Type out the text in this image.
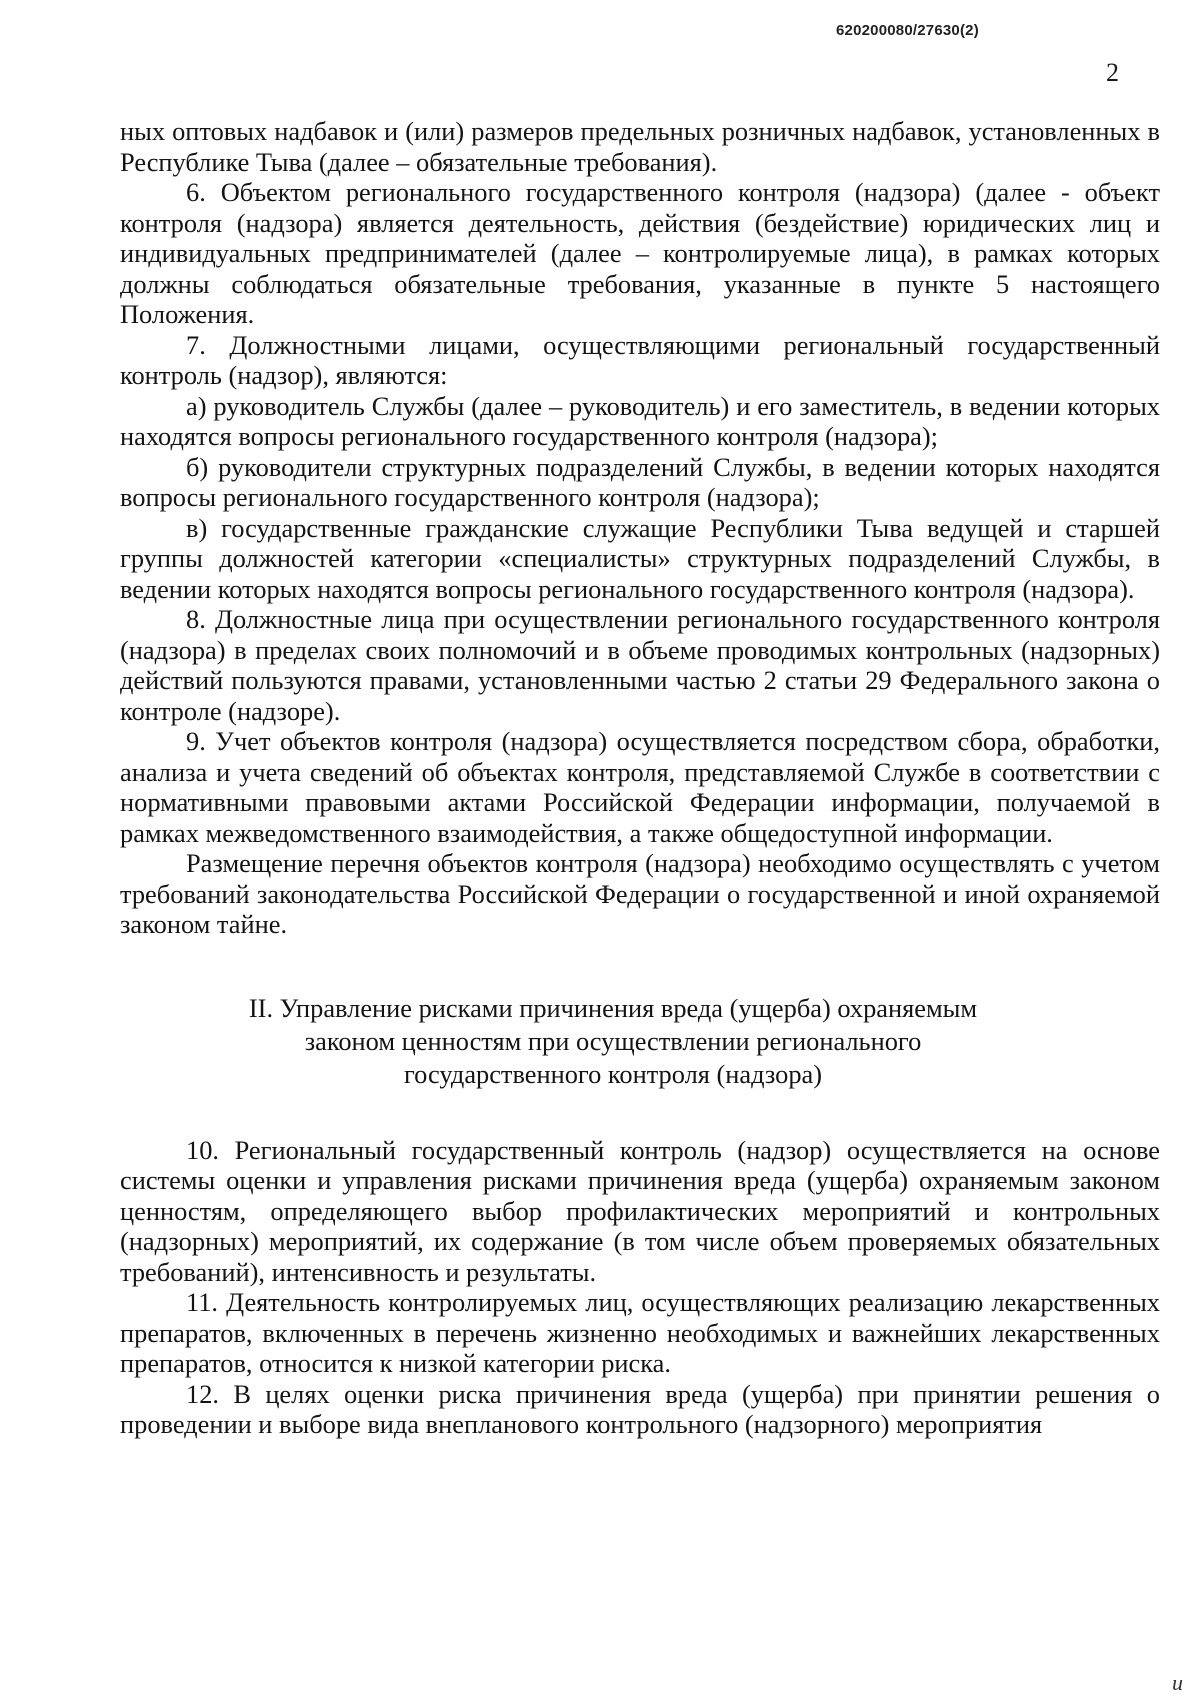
620200080/27630(2)
2

ных оптовых надбавок и (или) размеров предельных розничных надбавок, установленных в Республике Тыва (далее – обязательные требования).

6. Объектом регионального государственного контроля (надзора) (далее - объект контроля (надзора) является деятельность, действия (бездействие) юридических лиц и индивидуальных предпринимателей (далее – контролируемые лица), в рамках которых должны соблюдаться обязательные требования, указанные в пункте 5 настоящего Положения.

7. Должностными лицами, осуществляющими региональный государственный контроль (надзор), являются:

а) руководитель Службы (далее – руководитель) и его заместитель, в ведении которых находятся вопросы регионального государственного контроля (надзора);

б) руководители структурных подразделений Службы, в ведении которых находятся вопросы регионального государственного контроля (надзора);

в) государственные гражданские служащие Республики Тыва ведущей и старшей группы должностей категории «специалисты» структурных подразделений Службы, в ведении которых находятся вопросы регионального государственного контроля (надзора).

8. Должностные лица при осуществлении регионального государственного контроля (надзора) в пределах своих полномочий и в объеме проводимых контрольных (надзорных) действий пользуются правами, установленными частью 2 статьи 29 Федерального закона о контроле (надзоре).

9. Учет объектов контроля (надзора) осуществляется посредством сбора, обработки, анализа и учета сведений об объектах контроля, представляемой Службе в соответствии с нормативными правовыми актами Российской Федерации информации, получаемой в рамках межведомственного взаимодействия, а также общедоступной информации.

Размещение перечня объектов контроля (надзора) необходимо осуществлять с учетом требований законодательства Российской Федерации о государственной и иной охраняемой законом тайне.

II. Управление рисками причинения вреда (ущерба) охраняемым законом ценностям при осуществлении регионального государственного контроля (надзора)

10. Региональный государственный контроль (надзор) осуществляется на основе системы оценки и управления рисками причинения вреда (ущерба) охраняемым законом ценностям, определяющего выбор профилактических мероприятий и контрольных (надзорных) мероприятий, их содержание (в том числе объем проверяемых обязательных требований), интенсивность и результаты.

11. Деятельность контролируемых лиц, осуществляющих реализацию лекарственных препаратов, включенных в перечень жизненно необходимых и важнейших лекарственных препаратов, относится к низкой категории риска.

12. В целях оценки риска причинения вреда (ущерба) при принятии решения о проведении и выборе вида внепланового контрольного (надзорного) мероприятия

и
